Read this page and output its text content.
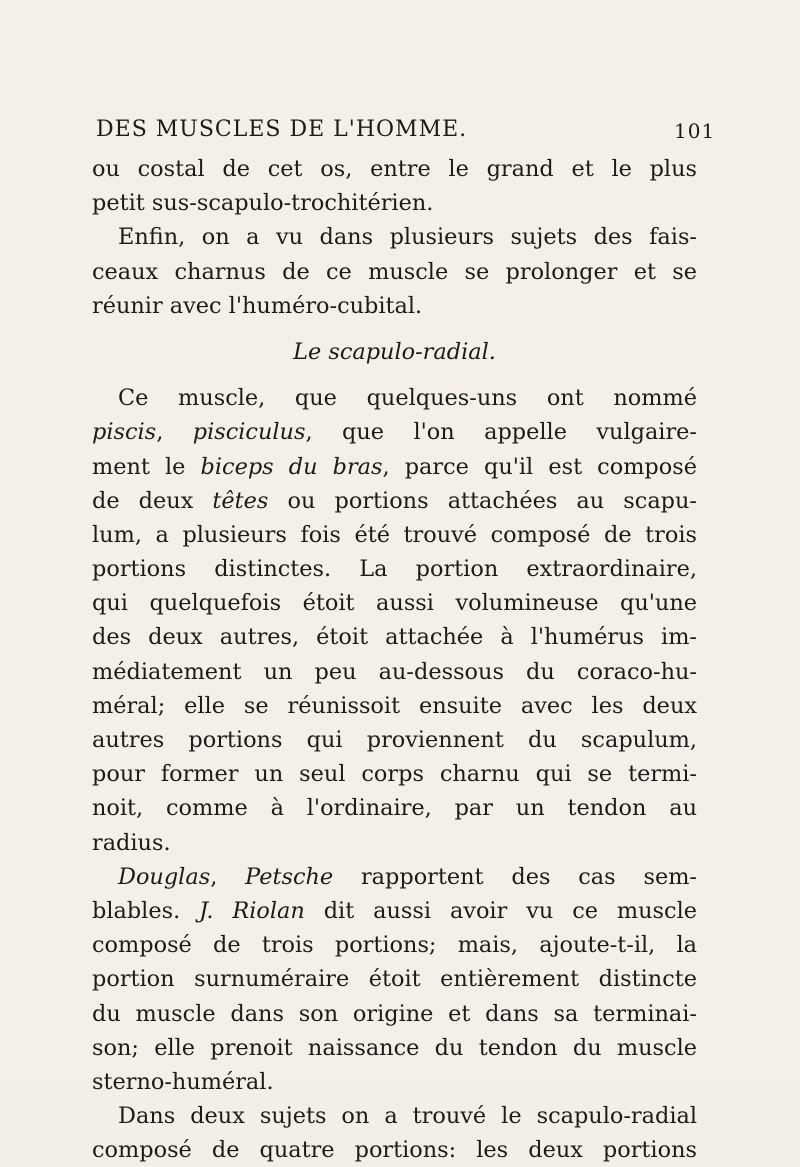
DES MUSCLES DE L'HOMME.	101
ou costal de cet os, entre le grand et le plus
petit sus-scapulo-trochitérien.
Enfin, on a vu dans plusieurs sujets des fais-
ceaux charnus de ce muscle se prolonger et se
réunir avec l'huméro-cubital.
Le scapulo-radial.
Ce muscle, que quelques-uns ont nommé
piscis, pisciculus, que l'on appelle vulgaire-
ment le biceps du bras, parce qu'il est composé
de deux têtes ou portions attachées au scapu-
lum, a plusieurs fois été trouvé composé de trois
portions distinctes. La portion extraordinaire,
qui quelquefois étoit aussi volumineuse qu'une
des deux autres, étoit attachée à l'humérus im-
médiatement un peu au-dessous du coraco-hu-
méral; elle se réunissoit ensuite avec les deux
autres portions qui proviennent du scapulum,
pour former un seul corps charnu qui se termi-
noit, comme à l'ordinaire, par un tendon au
radius.
Douglas, Petsche rapportent des cas sem-
blables. J. Riolan dit aussi avoir vu ce muscle
composé de trois portions; mais, ajoute-t-il, la
portion surnuméraire étoit entièrement distincte
du muscle dans son origine et dans sa terminai-
son; elle prenoit naissance du tendon du muscle
sterno-huméral.
Dans deux sujets on a trouvé le scapulo-radial
composé de quatre portions: les deux portions
